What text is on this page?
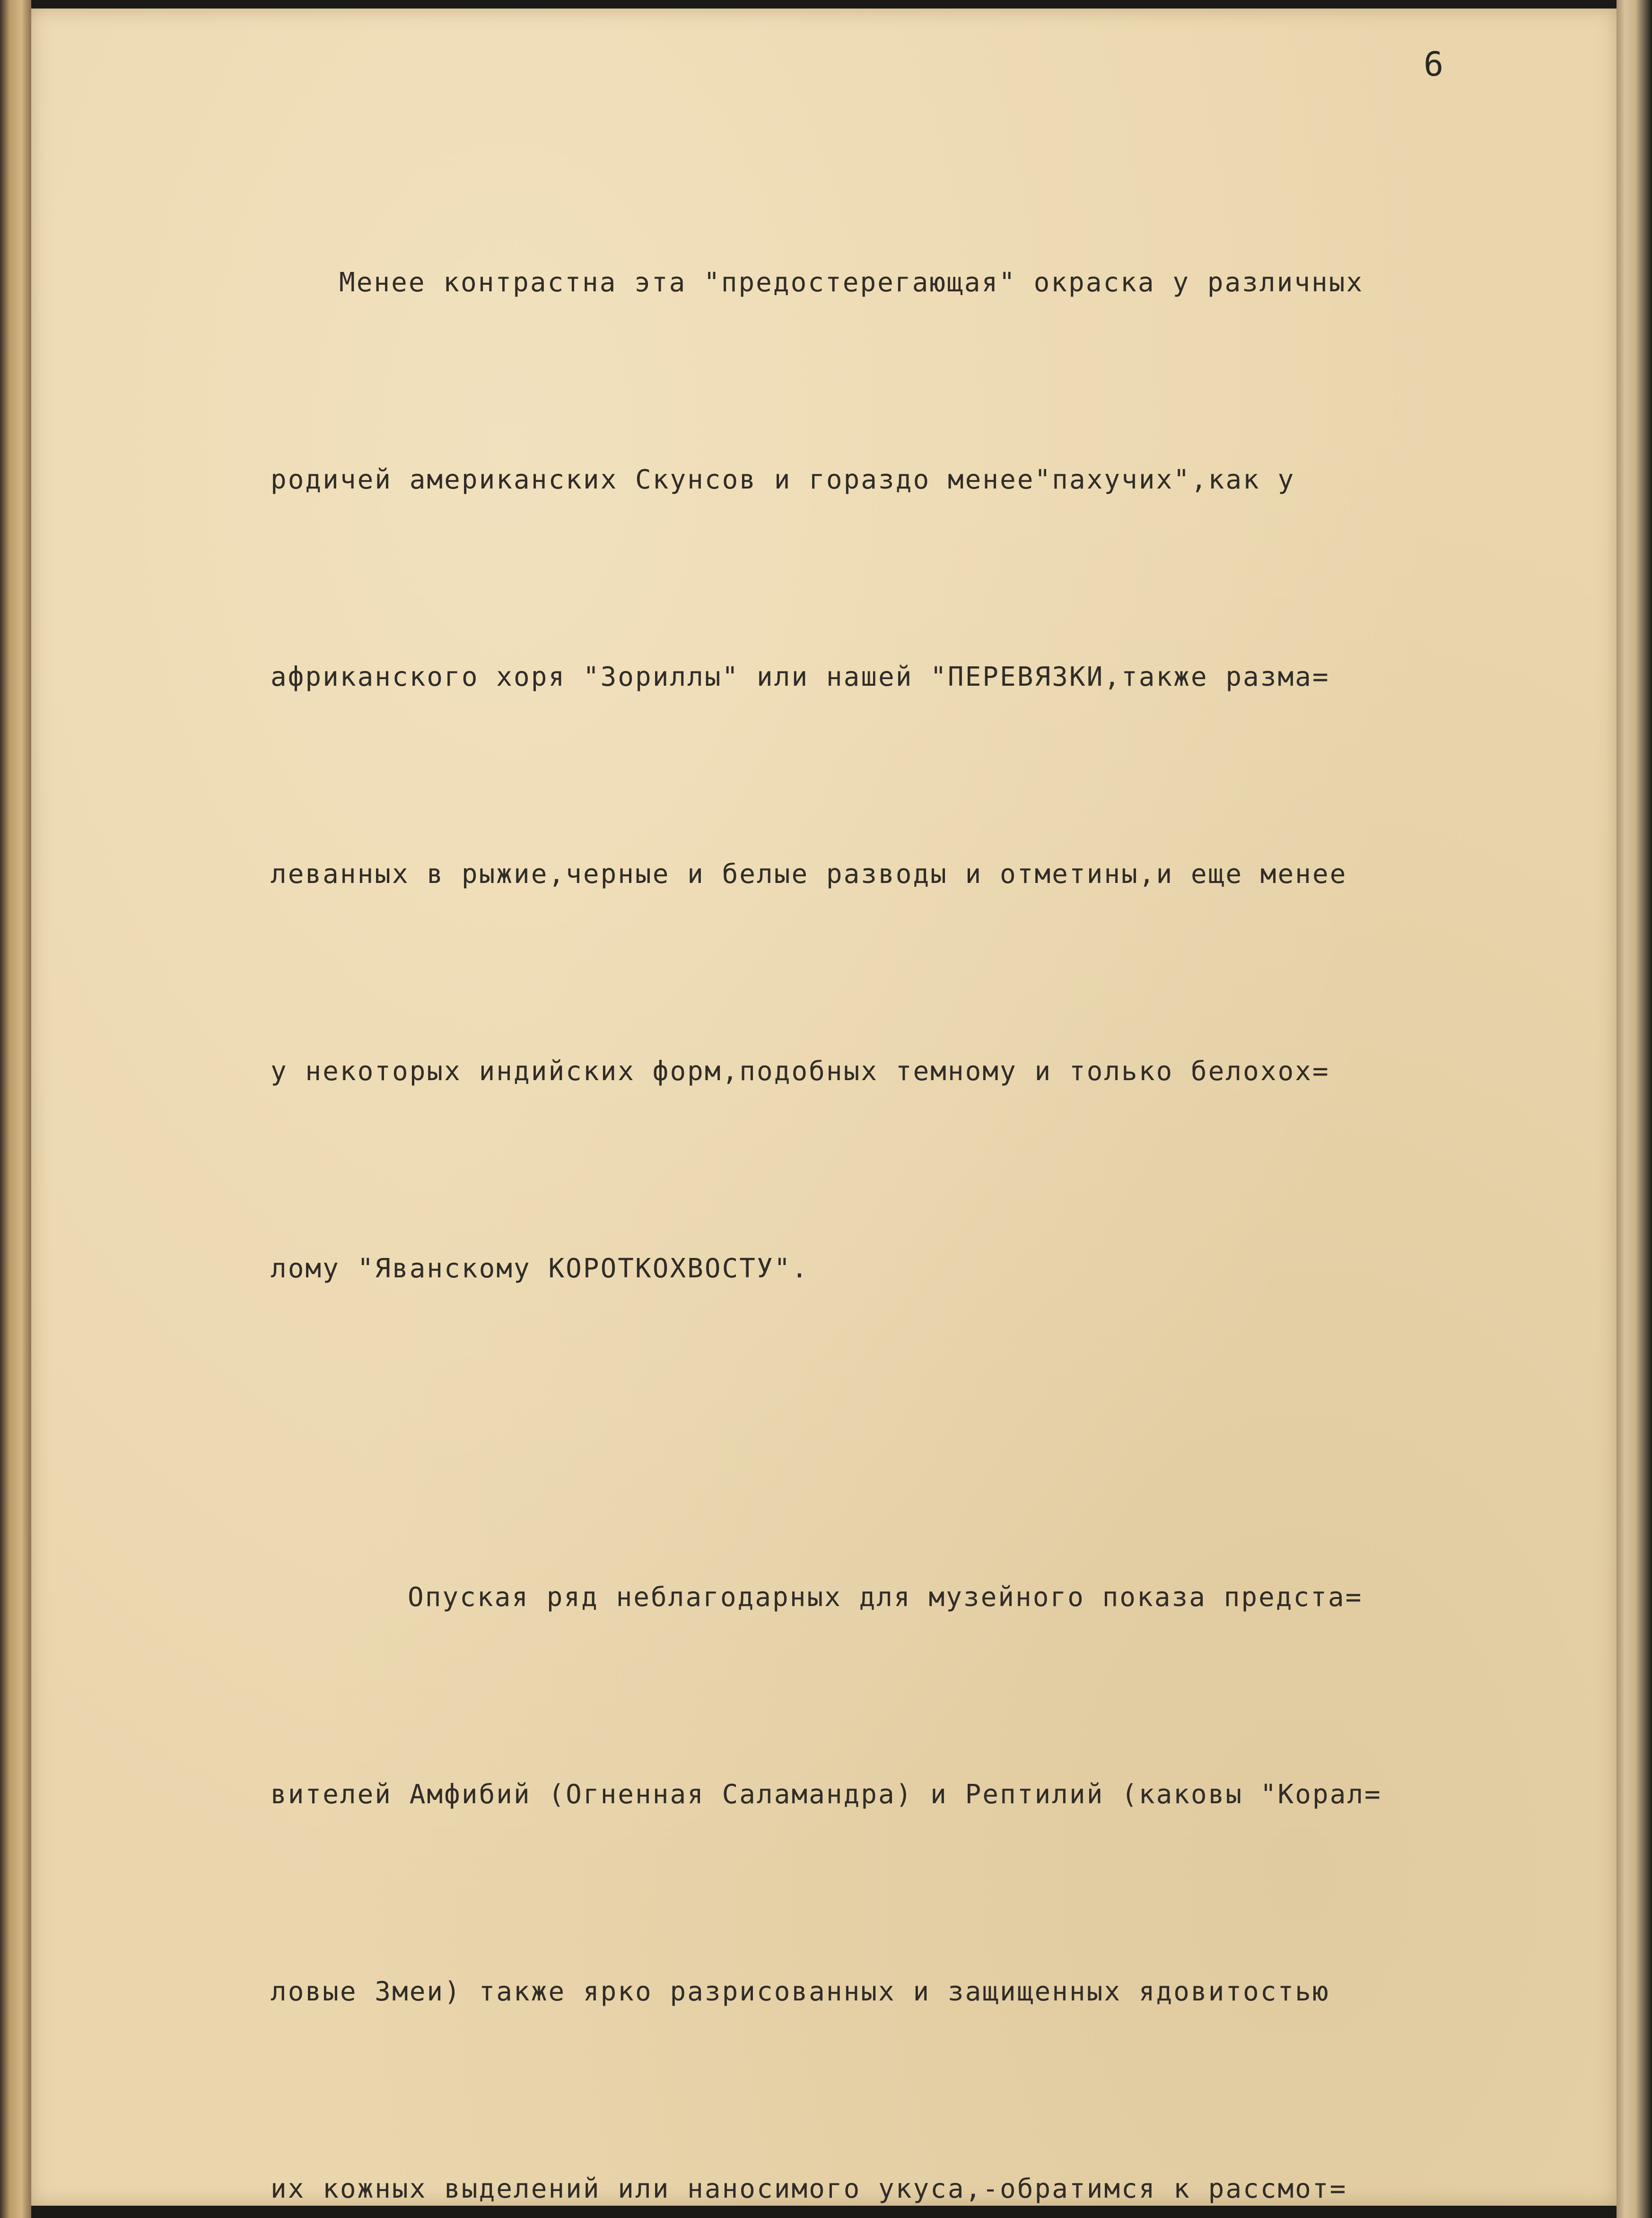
6

Менее контрастна эта "предостерегающая" окраска у различных

родичей американских Скунсов и гораздо менее"пахучих",как у

африканского хоря "Зориллы" или нашей "ПЕРЕВЯЗКИ,также разма=

леванных в рыжие,черные и белые разводы и отметины,и еще менее

у некоторых индийских форм,подобных темному и только белохох=

лому "Яванскому КОРОТКОХВОСТУ".

Опуская ряд неблагодарных для музейного показа предста=

вителей Амфибий (Огненная Саламандра) и Рептилий (каковы "Корал=

ловые Змеи) также ярко разрисованных и защищенных ядовитостью

их кожных выделений или наносимого укуса,-обратимся к рассмот=
